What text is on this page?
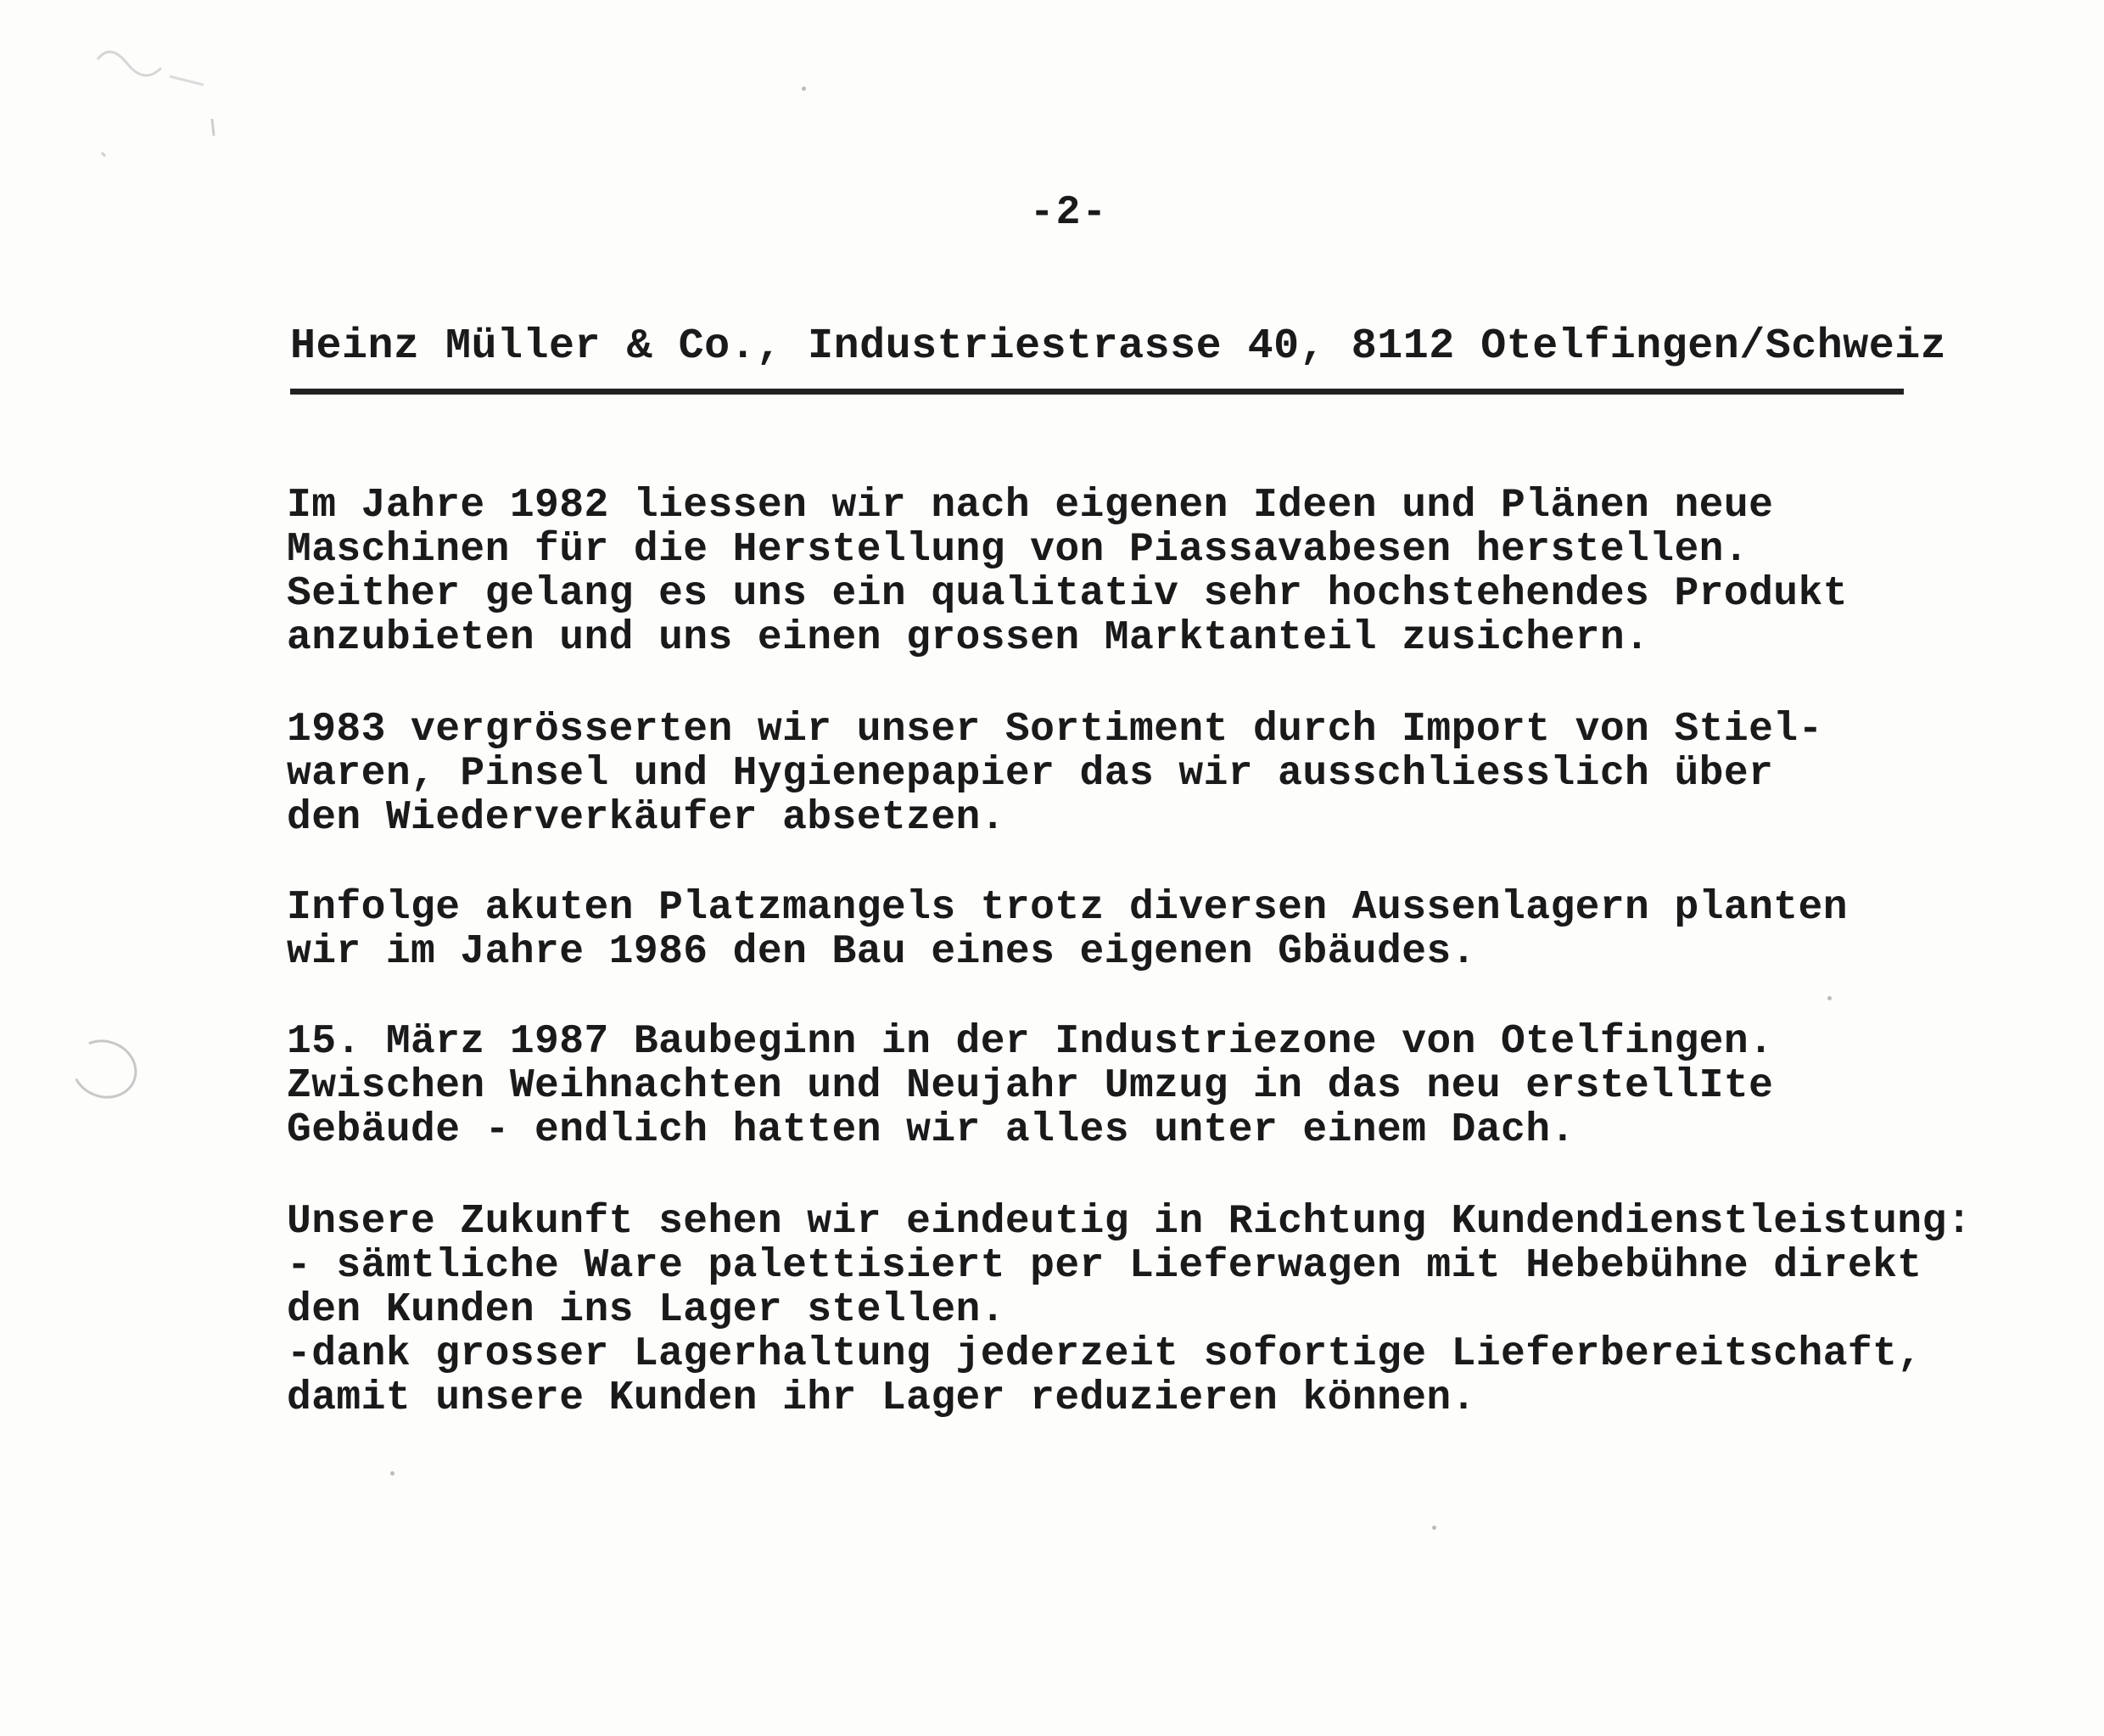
-2-
Heinz Müller & Co., Industriestrasse 40, 8112 Otelfingen/Schweiz
Im Jahre 1982 liessen wir nach eigenen Ideen und Plänen neue
Maschinen für die Herstellung von Piassavabesen herstellen.
Seither gelang es uns ein qualitativ sehr hochstehendes Produkt
anzubieten und uns einen grossen Marktanteil zusichern.
1983 vergrösserten wir unser Sortiment durch Import von Stiel-
waren, Pinsel und Hygienepapier das wir ausschliesslich über
den Wiederverkäufer absetzen.
Infolge akuten Platzmangels trotz diversen Aussenlagern planten
wir im Jahre 1986 den Bau eines eigenen Gbäudes.
15. März 1987 Baubeginn in der Industriezone von Otelfingen.
Zwischen Weihnachten und Neujahr Umzug in das neu erstellIte
Gebäude - endlich hatten wir alles unter einem Dach.
Unsere Zukunft sehen wir eindeutig in Richtung Kundendienstleistung:
- sämtliche Ware palettisiert per Lieferwagen mit Hebebühne direkt
den Kunden ins Lager stellen.
-dank grosser Lagerhaltung jederzeit sofortige Lieferbereitschaft,
damit unsere Kunden ihr Lager reduzieren können.
